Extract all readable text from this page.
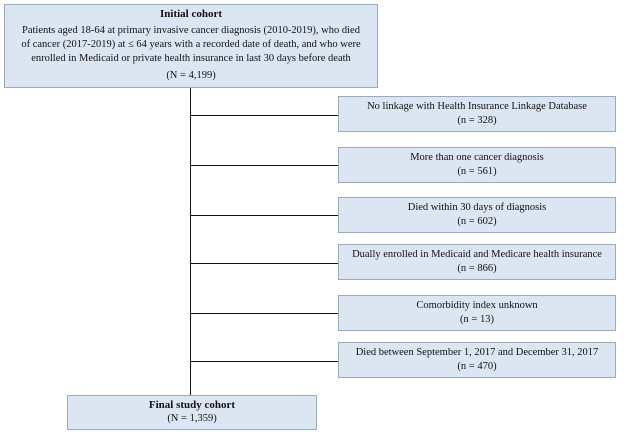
Initial cohort

Patients aged 18-64 at primary invasive cancer diagnosis (2010-2019), who died

of cancer (2017-2019) at ≤ 64 years with a recorded date of death, and who were

enrolled in Medicaid or private health insurance in last 30 days before death

(N = 4,199)

No linkage with Health Insurance Linkage Database

(n = 328)

More than one cancer diagnosis

(n = 561)

Died within 30 days of diagnosis

(n = 602)

Dually enrolled in Medicaid and Medicare health insurance

(n = 866)

Comorbidity index unknown

(n = 13)

Died between September 1, 2017 and December 31, 2017

(n = 470)

Final study cohort

(N = 1,359)
